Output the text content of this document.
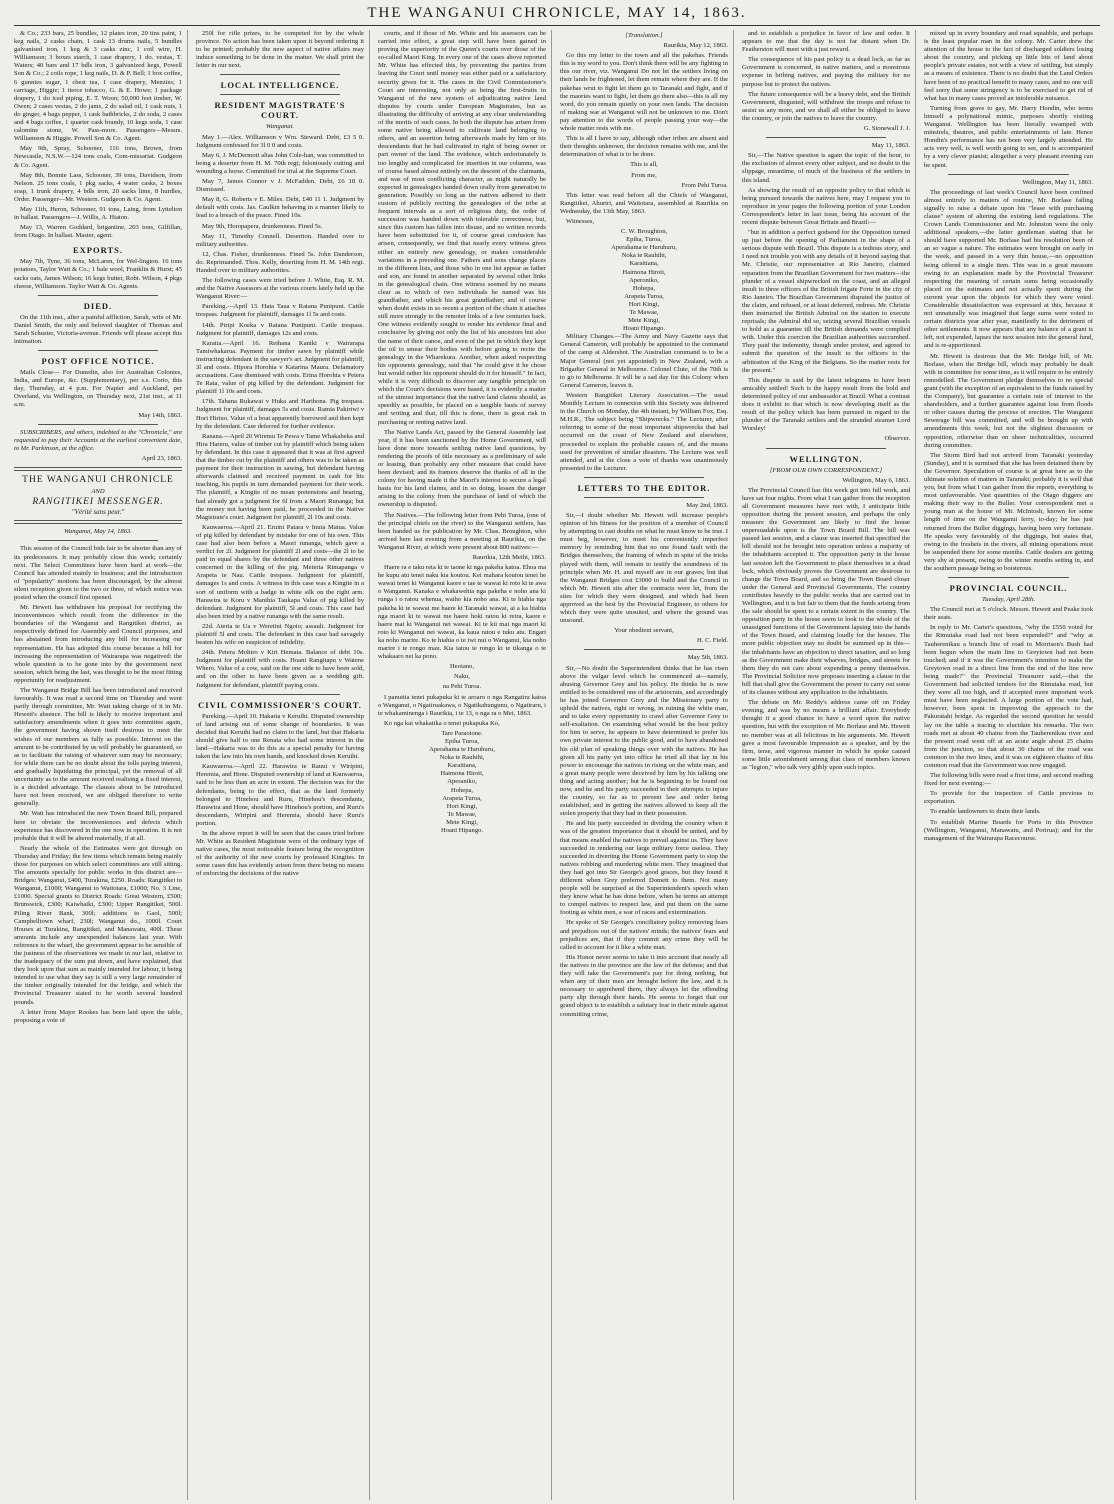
THE WANGANUI CHRONICLE, MAY 14, 1863.

& Co.; 233 bars, 25 bundles, 12 plates iron, 20 tins paint, 1 keg nails, 2 casks chain, 1 cask 13 drums nails, 5 bundles galvanised iron, 1 keg & 3 casks zinc, 1 coil wire, H. Williamson; 3 boxes starch, 1 case drapery, 1 do. vestas, T. Waters; 40 bars and 17 bdls iron, 3 galvanized kegs, Powell Son & Co.; 2 coils rope, 1 keg nails, D. & P. Bell; 1 box coffee, 6 gunnies sugar, 1 chest tea, 1 case drapery, Menzies; 1 carriage, Higgie; 1 tierce tobacco, G. & E. Howe; 1 package drapery, 1 do iced piping, E. T. Woon; 50,000 feet timber, W. Owen; 2 cases vestas, 2 do jams, 2 do salad oil, 1 cask nuts, 1 do ginger, 4 bags pepper, 1 cask bathbricks, 2 do soda, 2 cases and 4 bags coffee, 1 quarter cask brandy, 10 kegs soda, 1 case calomine stone, W. Pass-more. Passengers—Messrs. Williamson & Higgie. Powell Son & Co. Agent.

May 9th, Spray, Schooner, 116 tons, Brown, from Newcastle, N.S.W.—124 tons coals, Com-missariat. Gudgeon & Co. Agent.

May 8th, Bonnie Lass, Schooner, 39 tons, Davidson, from Nelson. 25 tons coals, 1 pkg sacks, 4 water casks, 2 boxes soap, 1 trunk drapery, 4 bdls iron, 20 sacks lime, 8 hurdles, Order. Passenger—Mr. Western. Gudgeon & Co. Agent.

May 11th, Heron, Schooner, 91 tons, Laing, from Lyttelton in ballast. Passengers—J. Willis, A. Hiaton.

May 13, Warren Goddard, brigantine, 203 tons, Gilfillan, from Otago. In ballast. Master, agent.

EXPORTS.

May 7th, Tyne, 36 tons, McLaren, for Wel-lington. 16 tons potatoes, Taylor Watt & Co.; 1 bale wool, Franklin & Hurst; 45 sacks oats, James Wilson; 16 kegs butter, Robt. Wilson, 4 pkgs cheese, Williamson. Taylor Watt & Co. Agents.

DIED.

On the 11th inst., after a painful affliction, Sarah, wife of Mr. Daniel Smith, the only and beloved daughter of Thomas and Sarah Schuster, Victoria-avenue. Friends will please accept this intimation.

POST OFFICE NOTICE.

Mails Close— For Dunedin, also for Australian Colonies, India, and Europe, &c. (Supplementary), per s.s. Corio, this day, Thursday, at 4 p.m. For Napier and Auckland, per Overland, via Wellington, on Thursday next, 21st inst., at 11 a.m.

May 14th, 1863.

SUBSCRIBERS, and others, indebted to the "Chronicle," are requested to pay their Accounts at the earliest convenient date, to Mr. Parkinson, at the office.

April 23, 1863.

THE WANGANUI CHRONICLE
AND
RANGITIKEI MESSENGER.
"Vérité sans peur."
Wanganui, May 14, 1863.

This session of the Council bids fair to be shorter than any of its predecessors. It may probably close this week; certainly next. The Select Committees have been hard at work—the Council has attended mainly to business; and the introduction of "popularity" motions has been discouraged, by the almost silent reception given to the two or three, of which notice was posted when the council first opened.

Mr. Hewett has withdrawn his proposal for rectifying the inconveniences which result from the difference in the boundaries of the Wanganui and Rangitikei district, as respectively defined for Assembly and Council purposes, and has abstained from introducing any bill for increasing our representation. He has adopted this course because a bill for increasing the representation of Wairarapa was negatived: the whole question is to be gone into by the government next session, which being the last, was thought to be the most fitting opportunity for readjustment.

The Wanganui Bridge Bill has been introduced and received favourably. It was read a second time on Thursday and went partly through committee, Mr. Watt taking charge of it in Mr. Hewett's absence. The bill is likely to receive important and satisfactory amendments when it goes into committee again, the government having shown itself desirous to meet the wishes of our members as fully as possible. Interest on the amount to be contributed by us will probably be guaranteed, so as to facilitate the raising of whatever sum may be necessary; for while there can be no doubt about the tolls paying interest, and gradually liquidating the principal, yet the removal of all uncertainty as to the amount received realising a fixed interest, is a decided advantage. The clauses about to be introduced have not been received, we are obliged therefore to write generally.

Mr. Watt has introduced the new Town Board Bill, prepared here to obviate the inconveniences and defects which experience has discovered in the one now in operation. It is not probable that it will be altered materially, if at all.

Nearly the whole of the Estimates were got through on Thursday and Friday; the few items which remain being mainly those for purposes on which select committees are still sitting. The amounts specially for public works in this district are—Bridges: Wanganui, £400, Turakina, £250. Roads: Rangitikei to Wanganui, £1000; Wanganui to Waitotara, £1000; No. 3 Line, £1000. Special grants to District Roads: Great Western, £500; Brunswick, £300; Kaiwhaiki, £300; Upper Rangitikei, 500l. Piling River Bank, 300l; additions to Gaol, 500l; Campbelltown wharf, 230l; Wanganui do., 1000l. Court Houses at Turakina, Rangitikei, and Manawatu, 400l. These amounts include any unexpended balances last year. With reference to the wharf, the government appear to be sensible of the justness of the observations we made in our last, relative to the inadequacy of the sum put down, and have explained, that they look upon that sum as mainly intended for labour, it being intended to use what they say is still a very large remainder of the timber originally intended for the bridge, and which the Provincial Treasurer stated to be worth several hundred pounds.

A letter from Major Rookes has been laid upon the table, proposing a vote of

250l for rifle prizes, to be competed for by the whole province. No action has been taken upon it beyond ordering it to be printed; probably the new aspect of native affairs may induce something to be done in the matter. We shall print the letter in our next.

LOCAL INTELLIGENCE.
RESIDENT MAGISTRATE'S COURT.
Wanganui.

May 1.—Alex. Williamson v Wm. Steward. Debt, £3 5 0. Judgment confessed for 3l 0 0 and costs.

May 6, J. McDermott alias John Cole-han, was committed to being a deserter from H. M. 70th regt; feloniously cutting and wounding a horse. Committed for trial at the Supreme Court.

May 7, James Connor v J. McFadden. Debt, £6 18 0. Dismissed.

May 8, G. Roberts v E. Miles. Debt, £40 11 1. Judgment by default with costs. Jas. Caulkin behaving in a manner likely to lead to a breach of the peace. Fined 10s.

May 9th, Horopapera, drunkenness. Fined 5s.

May 11, Timothy Connell. Desertion. Handed over to military authorities.

12, Chas. Fisher, drunkenness. Fined 5s. John Danderson, do. Reprimanded. Thos. Kelly, deserting from H. M. 14th regt. Handed over to military authorities.

The following cases were tried before J. White, Esq. R. M. and the Native Assessors at the various courts lately held up the Wanganui River:—

Pareking.—April 13. Hata Taua v Ratana Punipuni. Cattle trespass. Judgment for plaintiff, damages 1l 5s and costs.

14th. Piripi Koeka v Ratana Punipuni. Cattle trespass. Judgment for plaintiff, damages 12s and costs.

Karatia.—April 16. Reihana Kaniki v Wairarapa Tamiwhakarua. Payment for timber sawn by plaintiff while instructing defendant in the sawyer's art. Judgment for plaintiff, 3l and costs. Hipora Horohia v Katarina Maura. Defamatory accusations. Case dismissed with costs. Erina Horohia v Petera Te Rata, value of pig killed by the defendant. Judgment for plaintiff 1l 10s and costs.

17th. Tahana Rukawai v Huka and Harihona. Pig trespass. Judgment for plaintiff, damages 5s and costs. Ramia Pakiriwi v Hori Hiriuo. Value of a boat apparently borrowed and then kept by the defendant. Case deferred for further evidence.

Ranana.—April 20 Wiremu Te Pewa v Tame Whakaheka and Hira Hareru, value of timber cut by plaintiff which being taken by defendant. In this case it appeared that it was at first agreed that the timber cut by the plaintiff and others was to be taken as payment for their instruction in sawing, but defendant having afterwards claimed and received payment in cash for his teaching, his pupils in turn demanded payment for their work. The plaintiff, a Kingite of no mean pretensions and bearing, had already got a judgment for 6l from a Maori Runanga; but the money not having been paid, he proceeded in the Native Magistrate's court. Judgment for plaintiff, 2l 10s and costs.

Kauwaeroa.—April 21. Eruini Patara v Inuia Matua. Value of pig killed by defendant by mistake for one of his own. This case had also been before a Maori runanga, which gave a verdict for 2l. Judgment for plaintiff 2l and costs—the 2l to be paid in equal shares by the defendant and three other natives concerned in the killing of the pig. Meteria Rimapanga v Arapeta te Nau. Cattle trespass. Judgment for plaintiff, damages 1s and costs. A witness in this case was a Kingite in a sort of uniform with a badge in white silk on the right arm. Harawira te Koru v Manihia Taukapa Value of pig killed by defendant. Judgment for plaintiff, 5l and costs. This case had also been tried by a native runanga with the same result.

22d. Ateria te Ua v Weretini Ngoio; assault. Judgment for plaintiff 5l and costs. The defendant in this case had savagely beaten his wife on suspicion of infidelity.

24th. Petera Mohiro v Kiri Hemata. Balance of debt 10s. Judgment for plaintiff with costs. Hoani Rangitapu v Watene Whero. Value of a cow, said on the one side to have been sold, and on the other to have been given as a wedding gift. Judgment for defendant, plaintiff paying costs.

CIVIL COMMISSIONER'S COURT.

Pareking.—April 10. Hakaria v Keruihi. Disputed ownership of land arising out of some change of boundaries. It was decided that Keruihi had no claim to the land, but that Hakaria should give half to one Renata who had some interest in the land—Hakaria was to do this as a special penalty for having taken the law into his own hands, and knocked down Keruihi.

Kauwaeroa.—April 22. Harawira te Rauui v Wiripini, Heremia, and Hone. Disputed ownership of land at Kauwaeroa, said to be less than an acre in extent. The decision was for the defendants, being to the effect, that as the land formerly belonged to Hinehou and Ruru, Hinehou's descendants, Harawira and Hone, should have Hinehou's portion, and Ruru's descendants, Wiripini and Heremia, should have Ruru's portion.

In the above report it will be seen that the cases tried before Mr. White as Resident Magistrate were of the ordinary type of native cases, the most noticeable feature being the recognition of the authority of the new courts by professed Kingites. In some cases this has evidently arisen from there being no means of enforcing the decisions of the native

courts, and if those of Mr. White and his assessors can be carried into effect, a great step will have been gained in proving the superiority of the Queen's courts over those of the so-called Maori King. In every one of the cases above reported Mr. White has effected this, by preventing the parties from leaving the Court until money was either paid or a satisfactory security given for it. The cases in the Civil Commissioner's Court are interesting, not only as being the first-fruits in Wanganui of the new system of adjudicating native land disputes by courts under European Magistrates, but as illustrating the difficulty of arriving at any clear understanding of the merits of such cases. In both the dispute has arisen from some native being allowed to cultivate land belonging to others, and an assertion being afterwards made by him or his descendants that he had cultivated in right of being owner or part owner of the land. The evidence, which unfortunately is too lengthy and complicated for insertion in our columns, was of course based almost entirely on the descent of the claimants, and was of most conflicting character, as might naturally be expected in genealogies handed down orally from generation to generation. Possibly so long as the natives adhered to their custom of publicly reciting the genealogies of the tribe at frequent intervals as a sort of religious duty, the order of succession was handed down with tolerable correctness; but, since this custom has fallen into disuse, and no written records have been substituted for it, of course great confusion has arisen, consequently, we find that nearly every witness gives either an entirely new genealogy, or makes considerable variations in a preceding one. Fathers and sons change places in the different lists, and those who in one list appear as father and son, are found in another separated by several other links in the genealogical chain. One witness seemed by no means clear as to which of two individuals he named was his grandfather, and which his great grandfather; and of course when doubt exists in so recent a portion of the chain it attaches still more strongly to the remoter links of a few centuries back. One witness evidently sought to render his evidence final and conclusive by giving not only the list of his ancestors but also the name of their canoe, and even of the pet in which they kept the oil to smear their bodies with before going to recite the genealogy in the Wharekura. Another, when asked respecting his opponents genealogy, said that "he could give it he chose but would rather his opponent should do it for himself." In fact, while it is very difficult to discover any tangible principle on which the Court's decisions were based, it is evidently a matter of the utmost importance that the native land claims should, as speedily as possible, be placed on a tangible basis of survey and writing and that, till this is done, there is great risk in purchasing or renting native land.

The Native Lands Act, passed by the General Assembly last year, if it has been sanctioned by the Home Government, will have done more towards settling native land questions, by rendering the proofs of title necessary as a preliminary of sale or leasing, than probably any other measure that could have been devised; and its framers deserve the thanks of all in the colony for having made it the Maori's interest to secure a legal basis for his land claims, and in so doing, lessen the danger arising to the colony from the purchase of land of which the ownership is disputed.

The Natives.—The following letter from Pehi Turoa, (one of the principal chiefs on the river) to the Wanganui settlers, has been handed us for publication by Mr. Chas. Broughton, who arrived here last evening from a meeting at Raurikia, on the Wanganui River, at which were present about 800 natives:—

Raurikia, 12th Meihi, 1863.

Haere ra e taku reta ki te taone ki nga pakeha katoa. Ehoa ma he kupu atu tenei naku kia koutou. Kei mahara koutou tenei he wawai tenei ki Wanganui kaore e tae te wawai ki roto ki te awa o Wanganui. Kanaka e whakawehia nga pakeha e noho ana ki runga i o ratou whenua, waiho kia noho ana. Ki te hiahia nga pakeha ki te wawai me haere ki Taranaki wawai, ai a ka hiahia nga maori ki te wawai me haere hoki ratou ki reira, kaore e haere mai ki Wanganui nei wawai. Ki te kii mai nga maori ki roto ki Wanganui nei wawai, ka kaua ratou e tuku atu. Engari ka noho marire. Ko te hiahia o te iwi nui o Wanganui, kia noho marire i te rongo mau. Kia tatou te rongo ki te tikanga o te whakaaro nei ka pono.

Heoiano,

Naku,

na Pehi Turoa.

I panuitia tenei pukapuka ki te aroaro o nga Rangatira katoa o Wanganui, o Ngatiruakawa, o Ngatikahungunu, o Ngatiraru, i te whakaminenga i Raurikia, i te 13, o nga ra o Mei, 1863.

Ko nga kai whakatika o tenei pukapuka Ko,

Tare Paraotone.
Epiha Turoa,
Aperahama te Huruhuru,
Noka te Rauhihi,
Karaitiana,
Haimona Hiroti,
Aperaniko,
Hohepa,
Arapeta Turoa,
Hori Kingi,
Te Mawae,
Mete Kingi,
Hoani Hipango.
[Translation.]

Raurikia, May 12, 1863.

Go this my letter to the town and all the pakehas. Friends this is my word to you. Don't think there will be any fighting in this our river, viz. Wanganui Do not let the settlers living on their lands be frightened, let them remain where they are. If the pakehas wrut to fight let them go to Taranaki and fight, and if the maories want to fight, let them go there also—this is all my word, do you remain quietly on your own lands. The decision of making war at Wanganui will not be unknown to me. Don't pay attention to the words of people passing your way—the whole matter rests with me.

This is all I have to say, although other tribes are absent and their thoughts unknown, the decision remains with me, and the determination of what is to be done.

This is all,

From me,

From Pehi Turoa.

This letter was read before all the Chiefs of Wanganui, Rangitikei, Ahuriri, and Waitotara, assembled at Raurikia on Wednesday, the 13th May, 1863.

Witnesses,

C. W. Broughton,
Epiha, Turoa,
Aperahama te Huruhuru,
Noka te Rauhihi,
Karaitiana,
Haimona Hiroti,
Aperoniko,
Hohepa,
Arapeta Turoa,
Hori Kingi,
Te Mawae,
Mete Kingi,
Hoani Hipango.

Military Changes.—The Army and Navy Gazette says that General Cameron, will probably be appointed to the command of the camp at Aldershot. The Australian command is to be a Major General (not yet appointed) in New Zealand, with a Brigadier General in Melbourne. Colonel Clute, of the 70th is to go to Melbourne. It will be a sad day for this Colony when General Cameron, leaves it.

Western Rangitikei Literary Association.—The usual Monthly Lecture in connexion with this Society was delivered in the Church on Monday, the 4th instant, by William Fox, Esq. M.H.R., The subject being "Shipwrecks." The Lecturer, after referring to some of the most important shipwrecks that had occurred on the coast of New Zealand and elsewhere, proceeded to explain the probable causes of, and the means used for prevention of similar disasters. The Lecture was well attended, and at the close a vote of thanks was unanimously presented to the Lecturer.

LETTERS TO THE EDITOR.

May 2nd, 1863.

Sir,—I doubt whether Mr. Hewett will increase people's opinion of his fitness for the position of a member of Council by attempting to cast doubts on what he must know to be true. I must beg, however, to meet his conveniently imperfect memory by reminding him that no one found fault with the Bridges themselves, the framing of which in spite of the tricks played with them, will remain to testify the soundness of its principle when Mr. H. and myself are in our graves; but that the Wanganui Bridges cost £3000 to build and the Council in which Mr. Hewett sits after the contracts were let, from the sites for which they were designed, and which had been approved as the best by the Provincial Engineer, to others for which they were quite unsuited, and where the ground was unsound.

Your obedient servant,

H. C. Field.

May 5th, 1863.

Sir,—No doubt the Superintendent thinks that he has risen above the vulgar level which he commenced at—namely, abusing Governor Grey and his policy. He thinks he is now entitled to be considered one of the aristocrats, and accordingly he has joined Governor Grey and the Missionary party to uphold the natives, right or wrong, in ruining the white man, and to take every opportunity to crawl after Governor Grey to self-exaltation. On examining what would be the best policy for him to serve, he appears to have determined to prefer his own private interest to the public good, and to have abandoned his old plan of speaking things over with the natives. He has given all his party yet into office he tried all that lay in his power to encourage the natives in rising on the white man, and a great many people were deceived by him by his talking one thing and acting another; but he is beginning to be found out now, and he and his party succeeded in their attempts to injure the country, so far as to prevent law and order being established, and in getting the natives allowed to keep all the stolen property that they had in their possession.

He and his party succeeded in dividing the country when it was of the greatest importance that it should be united, and by that means enabled the natives to prevail against us. They have succeeded in rendering our large military force useless. They succeeded in diverting the Home Government party to stop the natives robbing and murdering white men. They imagined that they had got into Sir George's good graces, but they found it different when Grey preferred Domett to them. Not many people will be surprised at the Superintendent's speech when they know what he has done before, when he terms an attempt to compel natives to respect law, and put them on the same footing as white men, a war of races and extermination.

He spoke of Sir George's conciliatory policy removing fears and prejudices out of the natives' minds; the natives' fears and prejudices are, that if they commit any crime they will be called to account for it like a white man.

His Honor never seems to take it into account that nearly all the natives in the province are the law of the defense; and that they will take the Government's pay for doing nothing, but when any of their men are brought before the law, and it is necessary to apprehend them, they always let the offending party slip through their hands. He seems to forget that our grand object is to establish a salutary fear in their minds against committing crime,

and to establish a prejudice in favor of law and order. It appears to me that the day is not far distant when Dr. Featherston will meet with a just reward.

The consequence of his past policy is a dead lock, as far as Government is concerned, in native matters, and a monstrous expense in bribing natives, and paying the military for no purpose but to protect the natives.

The future consequence will be a heavy debt, and the British Government, disgusted, will withdraw the troops and refuse to assist us any more, and we shall all either be obliged to leave the country, or join the natives to leave the country.

G. Stonewall J. J.

May 11, 1863.

Sir,—The Native question is again the topic of the hour, to the exclusion of almost every other subject, and no doubt to the slippage, meantime, of much of the business of the settlers in this island.

As showing the result of an opposite policy to that which is being pursued towards the natives here, may I request you to reproduce in your pages the following portion of your London Correspondent's letter in last issue, being his account of the recent dispute between Great Britain and Brazil:—

"but in addition a perfect godsend for the Opposition turned up just before the opening of Parliament in the shape of a serious dispute with Brazil. This dispute is a tedious story, and I need not trouble you with any details of it beyond saying that Mr. Christie, our representative at Rio Janeiro, claimed reparation from the Brazilian Government for two matters—the plunder of a vessel shipwrecked on the coast, and an alleged insult to three officers of the British frigate Forte in the city of Rio Janeiro. The Brazilian Government disputed the justice of the claim, and refused, or at least deferred, redress. Mr. Christie then instructed the British Admiral on the station to execute reprisals; the Admiral did so, seizing several Brazilian vessels to hold as a guarantee till the British demands were complied with. Under this coercion the Brazilian authorities succumbed. They paid the indemnity, though under protest, and agreed to submit the question of the insult to the officers to the arbitration of the King of the Belgians. So the matter rests for the present."

This dispute is said by the latest telegrams to have been amicably settled! Such is the happy result from the bold and determined policy of our ambassador at Brazil. What a contrast does it exhibit to that which is now developing itself as the result of the policy which has been pursued in regard to the plunder of the Taranaki settlers and the stranded steamer Lord Worsley!

Observer.

WELLINGTON.
[FROM OUR OWN CORRESPONDENT.]

Wellington, May 6, 1863.

The Provincial Council has this week got into full work, and have sat four nights. From what I can gather from the reception all Government measures have met with, I anticipate little opposition during the present session, and perhaps the only measure the Government are likely to find the house unpersuadable upon is the Town Board Bill. The bill was passed last session, and a clause was inserted that specified the bill should not be brought into operation unless a majority of the inhabitants accepted it. The opposition party in the house last session left the Government to place themselves in a dead lock, which obviously proves the Government are desirous to change the Town Board, and so bring the Town Board closer under the General and Provincial Governments. The country contributes heavily to the public works that are carried out in Wellington, and it is but fair to them that the funds arising from the sale should be spent to a certain extent in the country. The opposition party in the house seem to look to the whole of the unassigned functions of the Government lapsing into the hands of the Town Board, and claiming loudly for the houses. The more public objection may no doubt be summed up in this—the inhabitants have an objection to direct taxation, and so long as the Government make their wharves, bridges, and streets for them they do not care about expending a penny themselves. The Provincial Solicitor now proposes inserting a clause in the bill that shall give the Government the power to carry out some of its clauses without any application to the inhabitants.

The debate on Mr. Reddy's address came off on Friday evening, and was by no means a brilliant affair. Everybody thought it a good chance to have a word upon the native question, but with the exception of Mr. Borlase and Mr. Hewett no member was at all felicitous in his arguments. Mr. Hewett gave a most favourable impression as a speaker, and by the firm, terse, and vigorous manner in which he spoke caused some little astonishment among that class of members known as "legion," who talk very glibly upon such topics.

mixed up in every boundary and road squabble, and perhaps is the least popular man in the colony. Mr. Carter drew the attention of the house to the fact of discharged soldiers losing about the country, and picking up little bits of land about people's private estates, not with a view of settling, but simply as a means of existence. There is no doubt that the Land Orders have been of no practical benefit to many cases, and no one will feel sorry that some stringency is to be exercised to get rid of what has in many cases proved an intolerable nuisance.

Turning from grave to gay, Mr. Harry Hondin, who terms himself a polynational mimic, purposes shortly visiting Wanganui. Wellington has been literally swamped with minstrels, theatres, and public entertainments of late. Hence Hondin's performance has not been very largely attended. He acts very well, is well worth going to see, and is accompanied by a very clever pianist; altogether a very pleasant evening can be spent.

Wellington, May 11, 1863.

The proceedings of last week's Council have been confined almost entirely to matters of routine, Mr. Borlase failing signally to raise a debate upon his "lease with purchasing clause" system of altering the existing land regulations. The Crown Lands Commissioner and Mr. Johnston were the only additional speakers,—the latter gentleman stating that he should have supported Mr. Borlase had his resolution been of an so vague a nature. The estimates were brought on early in the week, and passed in a very thin house,—no opposition being offered to a single item. This was in a great measure owing to an explanation made by the Provincial Treasurer respecting the meaning of certain sums being occasionally placed on the estimates and not actually spent during the current year upon the objects for which they were voted. Considerable dissatisfaction was expressed at this, because it not unnaturally was imagined that large sums were voted to certain districts year after year, manifestly to the detriment of other settlements. It now appears that any balance of a grant is left, not expended, lapses the next session into the general fund, and is re-apportioned.

Mr. Hewett is desirous that the Mr. Bridge bill, of Mr. Borlase, when the Bridge bill, which may probably be dealt with in committee for some time, as it will require to be entirely remodelled. The Government pledge themselves to no special grant (with the exception of an equivalent to the funds raised by the Company), but guarantee a certain rate of interest to the shareholders, and a further guarantee against loss from floods or other causes during the process of erection. The Wanganui Sewerage bill was committed, and will be brought up with amendments this week; but not the slightest discussion or opposition, otherwise than on sheer technicalities, occurred during committee.

The Storm Bird had not arrived from Taranaki yesterday (Sunday), and it is surmised that she has been detained there by the Governor. Speculation of course is at great here as to the ultimate solution of matters in Taranaki; probably it is well that you, but from what I can gather from the reports, everything is most unfavourable. Vast quantities of the Otago diggers are making their way to the Buller. Your correspondent met a young man at the house of Mr. McIntosh, known for some length of time on the Wanganui ferry, to-day; he has just returned from the Buller diggings, having been very fortunate. He speaks very favourably of the diggings, but states that, owing to the freshets in the rivers, all mining operations must be suspended there for some months. Cattle dealers are getting very shy at present, owing to the winter months setting in, and the southern passage being so boisterous.

PROVINCIAL COUNCIL.
Tuesday, April 28th.

The Council met at 5 o'clock. Messrs. Hewett and Peake took their seats.

In reply to Mr. Carter's questions, "why the £550 voted for the Rimutaka road had not been expended?" and "why at Tauherenikau a branch line of road to Morrison's Bush had been begun when the main line to Greytown had not been touched; and if it was the Government's intention to make the Greytown road in a direct line from the end of the line now being made?" the Provincial Treasurer said,—that the Government had solicited tenders for the Rimutaka road, but they were all too high, and if accepted more important work must have been neglected. A large portion of the vote had, however, been spent in improving the approach to the Pakuratahi bridge. As regarded the second question he would lay on the table a tracing to elucidate his remarks. The two roads met at about 40 chains from the Tauherenikau river and the present road went off at an acute angle about 25 chains from the junction, so that about 30 chains of the road was common to the two lines, and it was on eighteen chains of this common road that the Government was now engaged.

The following bills were read a first time, and second reading fixed for next evening:—

To provide for the inspection of Cattle previous to exportation.

To enable landowners to drain their lands.

To establish Marine Boards for Ports in this Province (Wellington, Wanganui, Manawatu, and Porirua); and for the management of the Wairarapa Racecourse.
